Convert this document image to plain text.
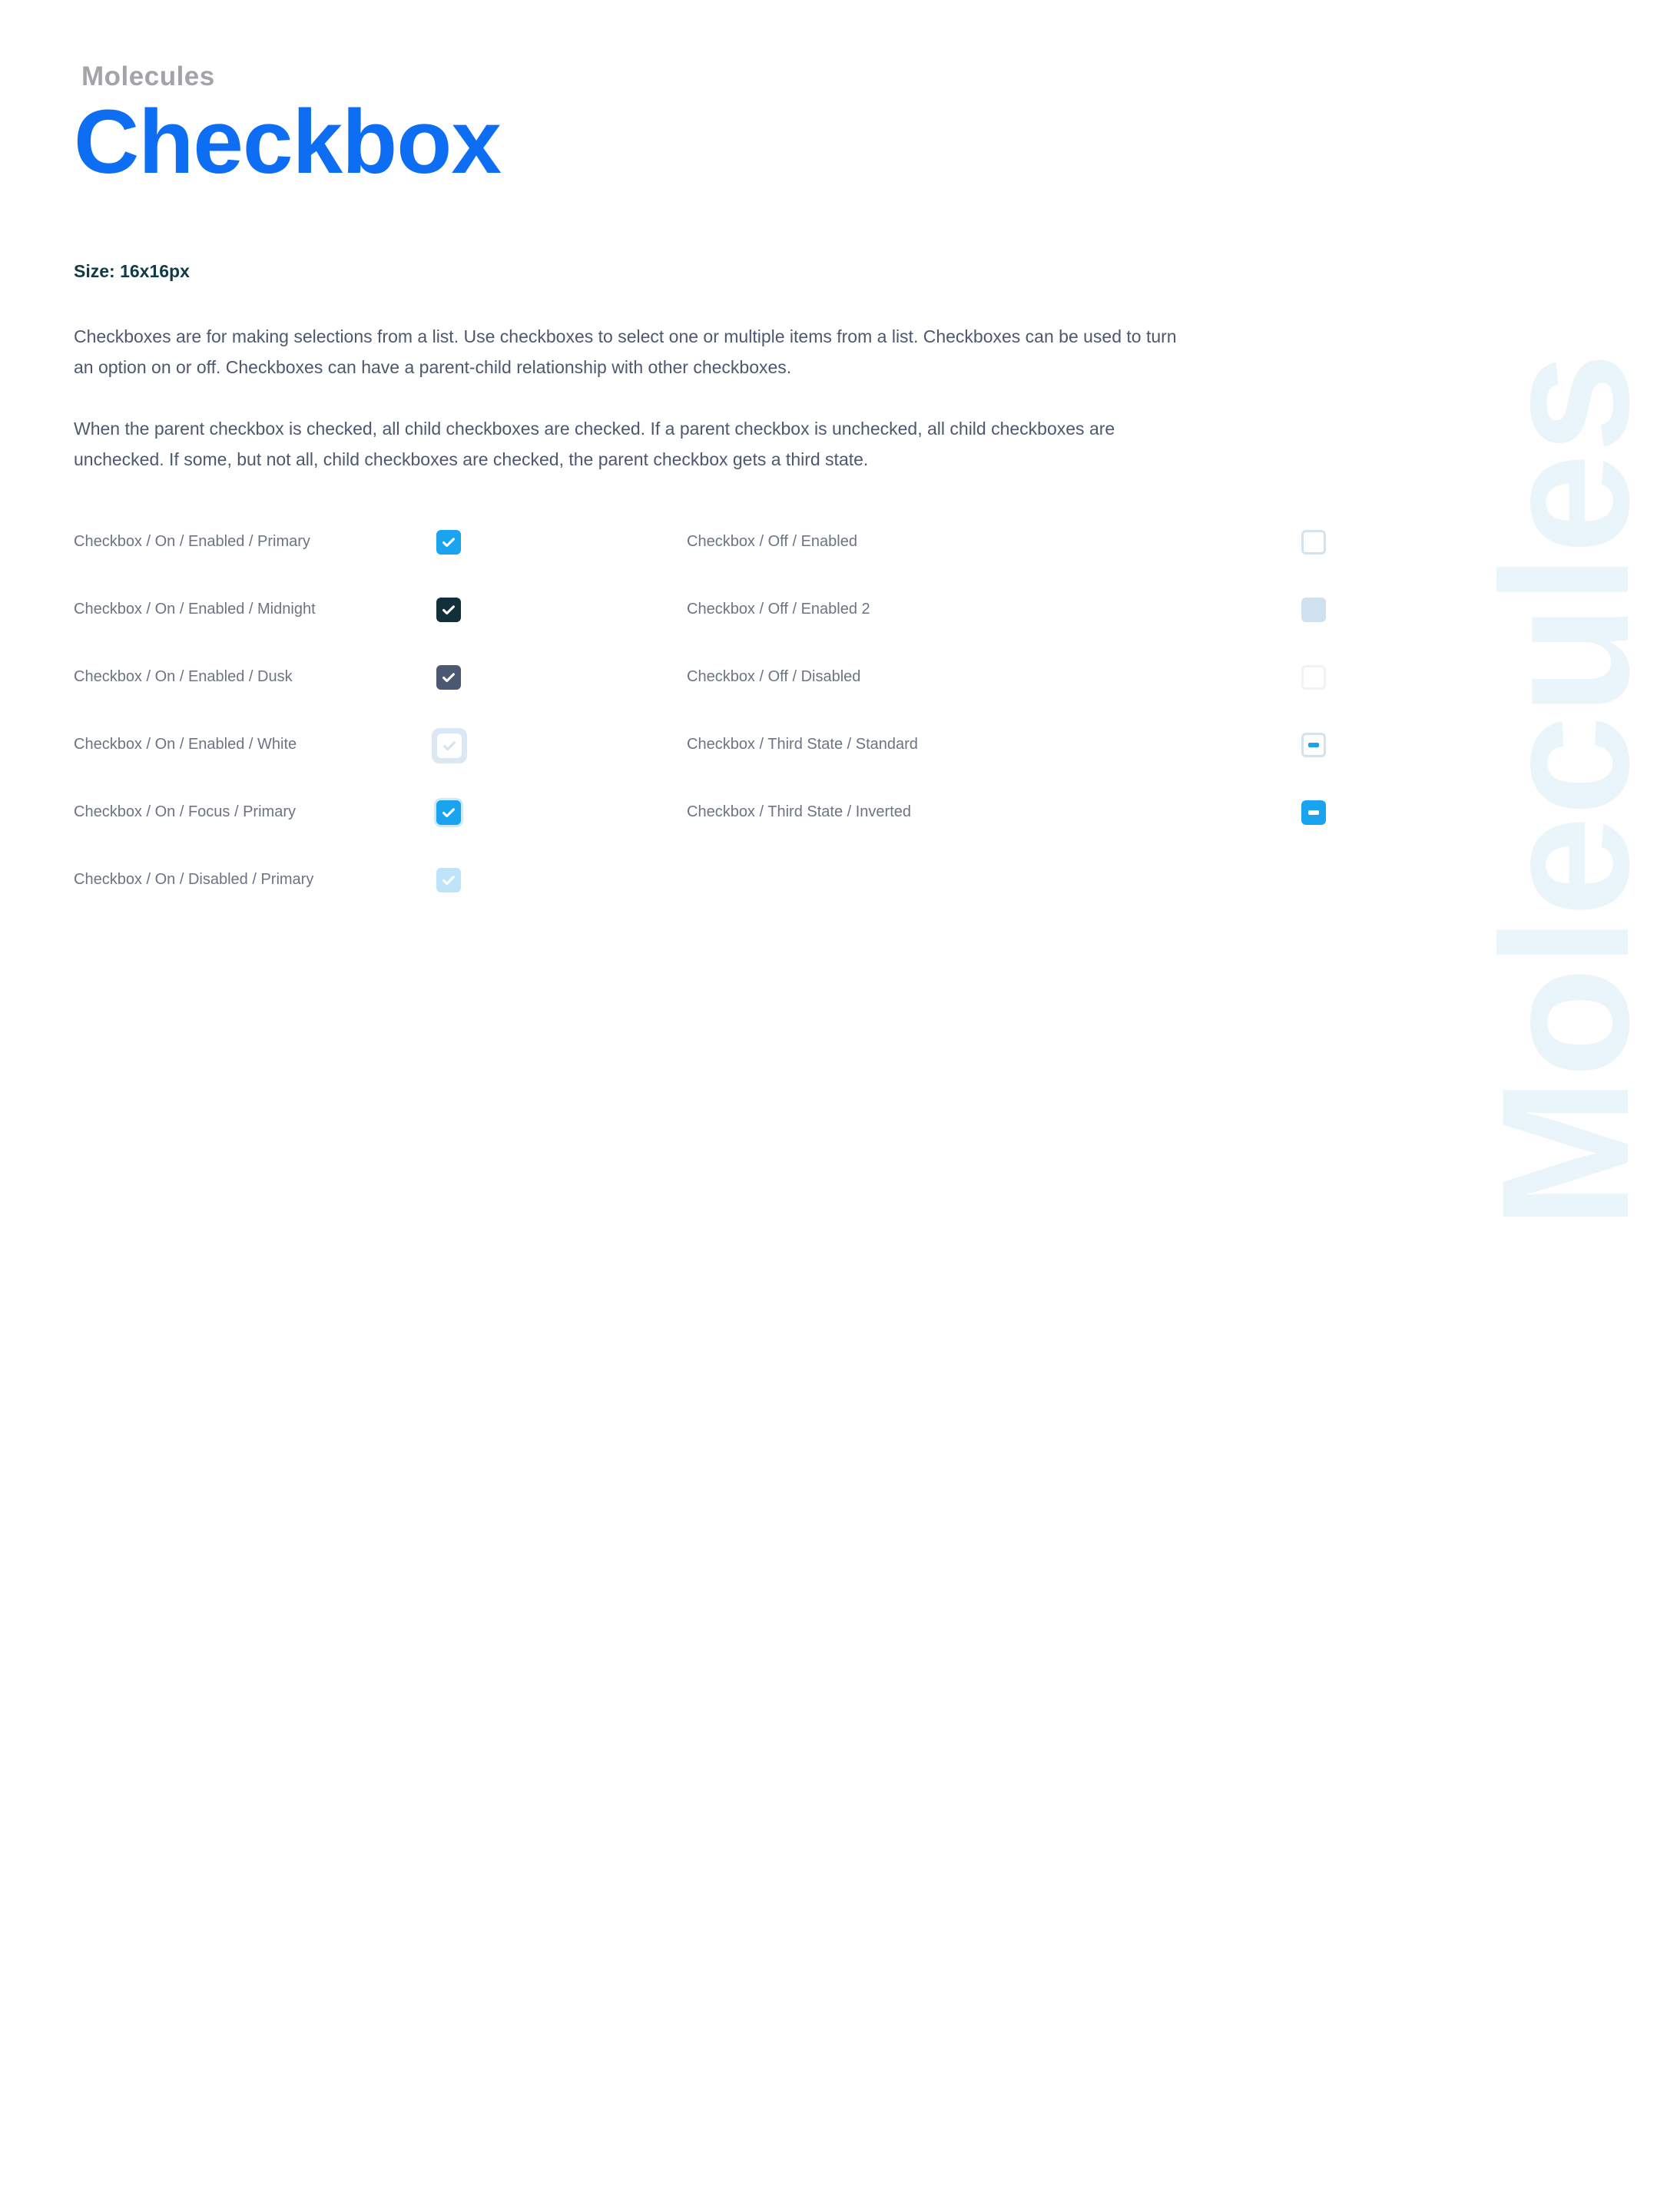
Molecules
Checkbox
Size: 16x16px

Checkboxes are for making selections from a list. Use checkboxes to select one or multiple items from a list. Checkboxes can be used to turn an option on or off. Checkboxes can have a parent-child relationship with other checkboxes.

When the parent checkbox is checked, all child checkboxes are checked. If a parent checkbox is unchecked, all child checkboxes are unchecked. If some, but not all, child checkboxes are checked, the parent checkbox gets a third state.	Molecules
Checkbox / On / Enabled / Primary
Checkbox / On / Enabled / Midnight
Checkbox / On / Enabled / Dusk
Checkbox / On / Enabled / White
Checkbox / On / Focus / Primary
Checkbox / On / Disabled / Primary
Checkbox / Off / Enabled
Checkbox / Off / Enabled 2
Checkbox / Off / Disabled
Checkbox / Third State / Standard
Checkbox / Third State / Inverted
